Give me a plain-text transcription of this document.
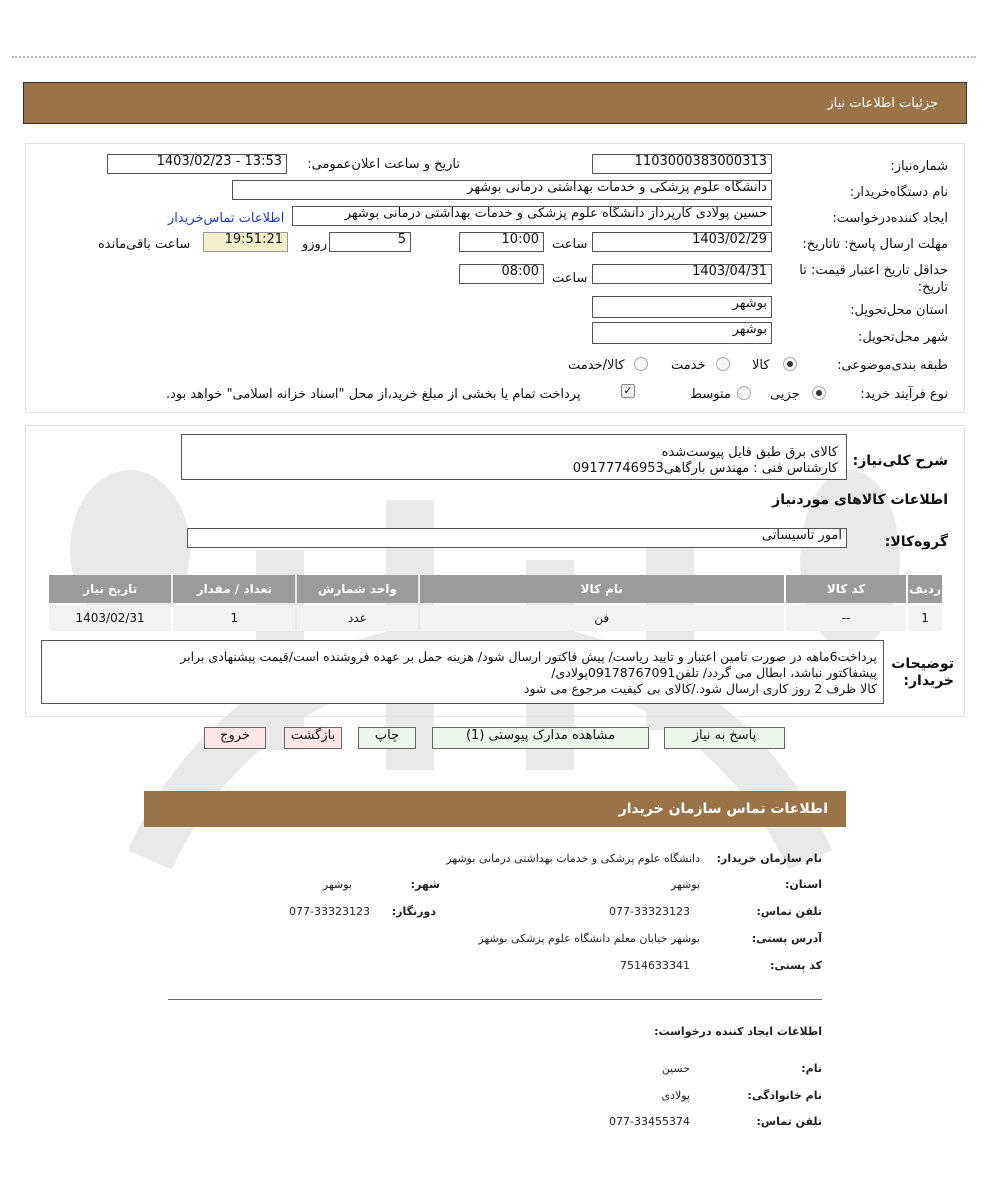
جزئیات اطلاعات نیاز
شماره‌نیاز:
1103000383000313
تاریخ و ساعت اعلان‌عمومی:
1403/02/23 - 13:53
نام دستگاه‌خریدار:
دانشگاه علوم پزشکی و خدمات بهداشتی درمانی بوشهر
ایجاد کننده‌درخواست:
حسین پولادی کارپرداز دانشگاه علوم پزشکی و خدمات بهداشتی درمانی بوشهر
اطلاعات تماس‌خریدار
مهلت ارسال پاسخ: تاتاریخ:
1403/02/29
ساعت
10:00
5
روزو
19:51:21
ساعت باقی‌مانده
حداقل تاریخ اعتبار قیمت: تا تاریخ:
1403/04/31
ساعت
08:00
استان محل‌تحویل:
بوشهر
شهر محل‌تحویل:
بوشهر
طبقه بندی‌موضوعی:
کالا
خدمت
کالا/خدمت
نوع فرآیند خرید:
جزیی
متوسط
✓
پرداخت تمام یا بخشی از مبلغ خرید،از محل "اسناد خزانه اسلامی" خواهد بود.
شرح کلی‌نیاز:
کالای برق طبق فایل پیوست‌شده
کارشناس فنی : مهندس بارگاهی09177746953
اطلاعات کالاهای موردنیاز
گروه‌کالا:
امور تاسیساتی
ردیف	کد کالا	نام کالا	واحد شمارش	تعداد / مقدار	تاریخ نیاز
1	--	فن	عدد	1	1403/02/31
توضیحات خریدار:
پرداخت6ماهه در صورت تامین اعتبار و تایید ریاست/ پیش فاکتور ارسال شود/ هزینه حمل بر عهده فروشنده است/قیمت پیشنهادی برابر
پیشفاکتور نباشد، ابطال می گردد/ تلفن09178767091پولادی/
کالا ظرف 2 روز کاری ارسال شود./کالای بی کیفیت مرجوع می شود
پاسخ به نیاز
مشاهده مدارک پیوستی (1)
چاپ
بازگشت
خروج
اطلاعات تماس سازمان خریدار
نام سازمان خریدار:
دانشگاه علوم پزشکی و خدمات بهداشتی درمانی بوشهر
استان:
بوشهر
شهر:
بوشهر
تلفن تماس:
077-33323123
دورنگار:
077-33323123
آدرس پستی:
بوشهر خیابان معلم دانشگاه علوم پزشکی بوشهر
کد پستی:
7514633341
اطلاعات ایجاد کننده درخواست:
نام:
حسین
نام خانوادگی:
پولادی
تلفن تماس:
077-33455374
